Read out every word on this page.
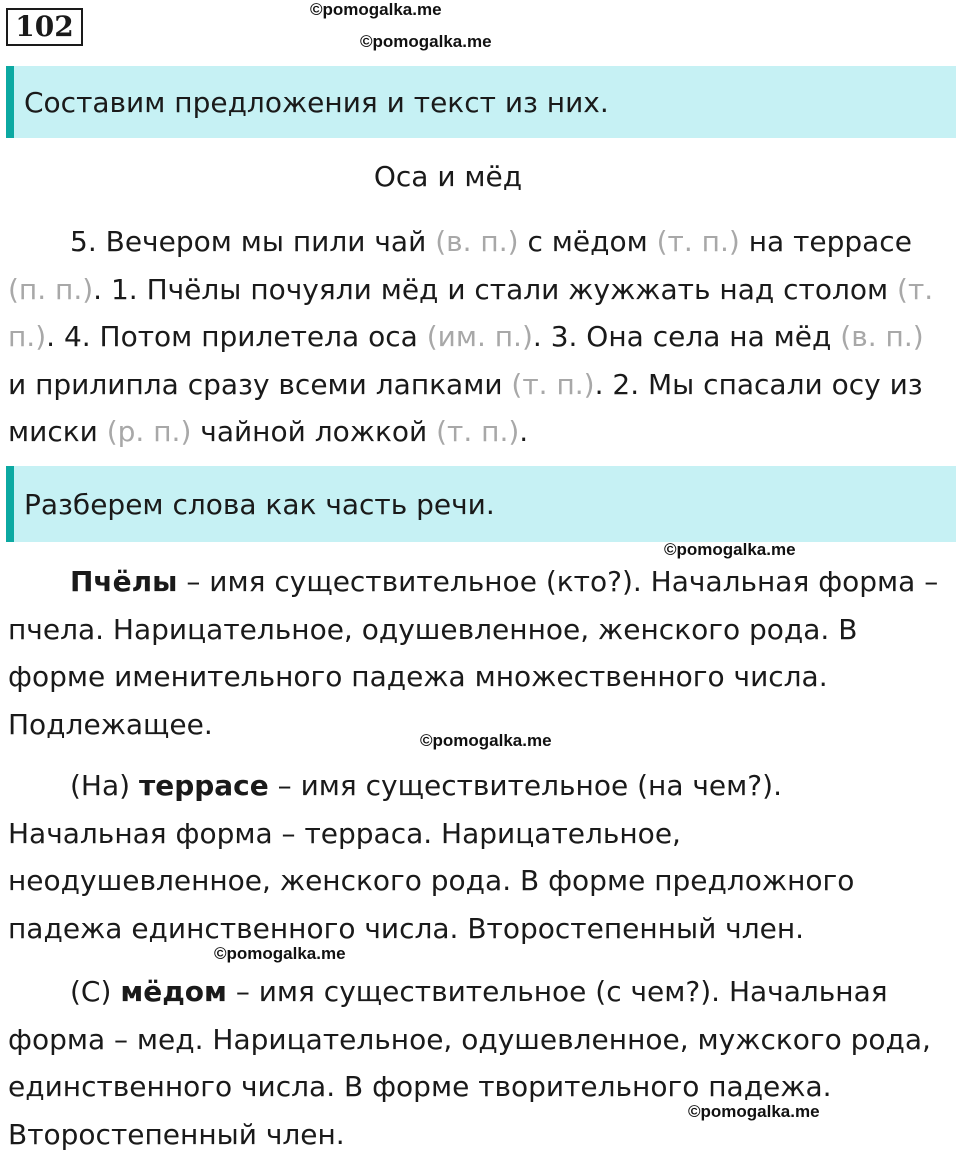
102
©pomogalka.me
©pomogalka.me
Составим предложения и текст из них.
Оса и мёд

5. Вечером мы пили чай (в. п.) с мёдом (т. п.) на террасе (п. п.). 1. Пчёлы почуяли мёд и стали жужжать над столом (т. п.). 4. Потом прилетела оса (им. п.). 3. Она села на мёд (в. п.) и прилипла сразу всеми лапками (т. п.). 2. Мы спасали осу из миски (р. п.) чайной ложкой (т. п.).

Разберем слова как часть речи.
©pomogalka.me

Пчёлы – имя существительное (кто?). Начальная форма – пчела. Нарицательное, одушевленное, женского рода. В форме именительного падежа множественного числа. Подлежащее.	©pomogalka.me

(На) террасе – имя существительное (на чем?). Начальная форма – терраса. Нарицательное, неодушевленное, женского рода. В форме предложного падежа единственного числа. Второстепенный член.

©pomogalka.me

(С) мёдом – имя существительное (с чем?). Начальная форма – мед. Нарицательное, одушевленное, мужского рода, единственного числа. В форме творительного падежа. Второстепенный член.

©pomogalka.me
